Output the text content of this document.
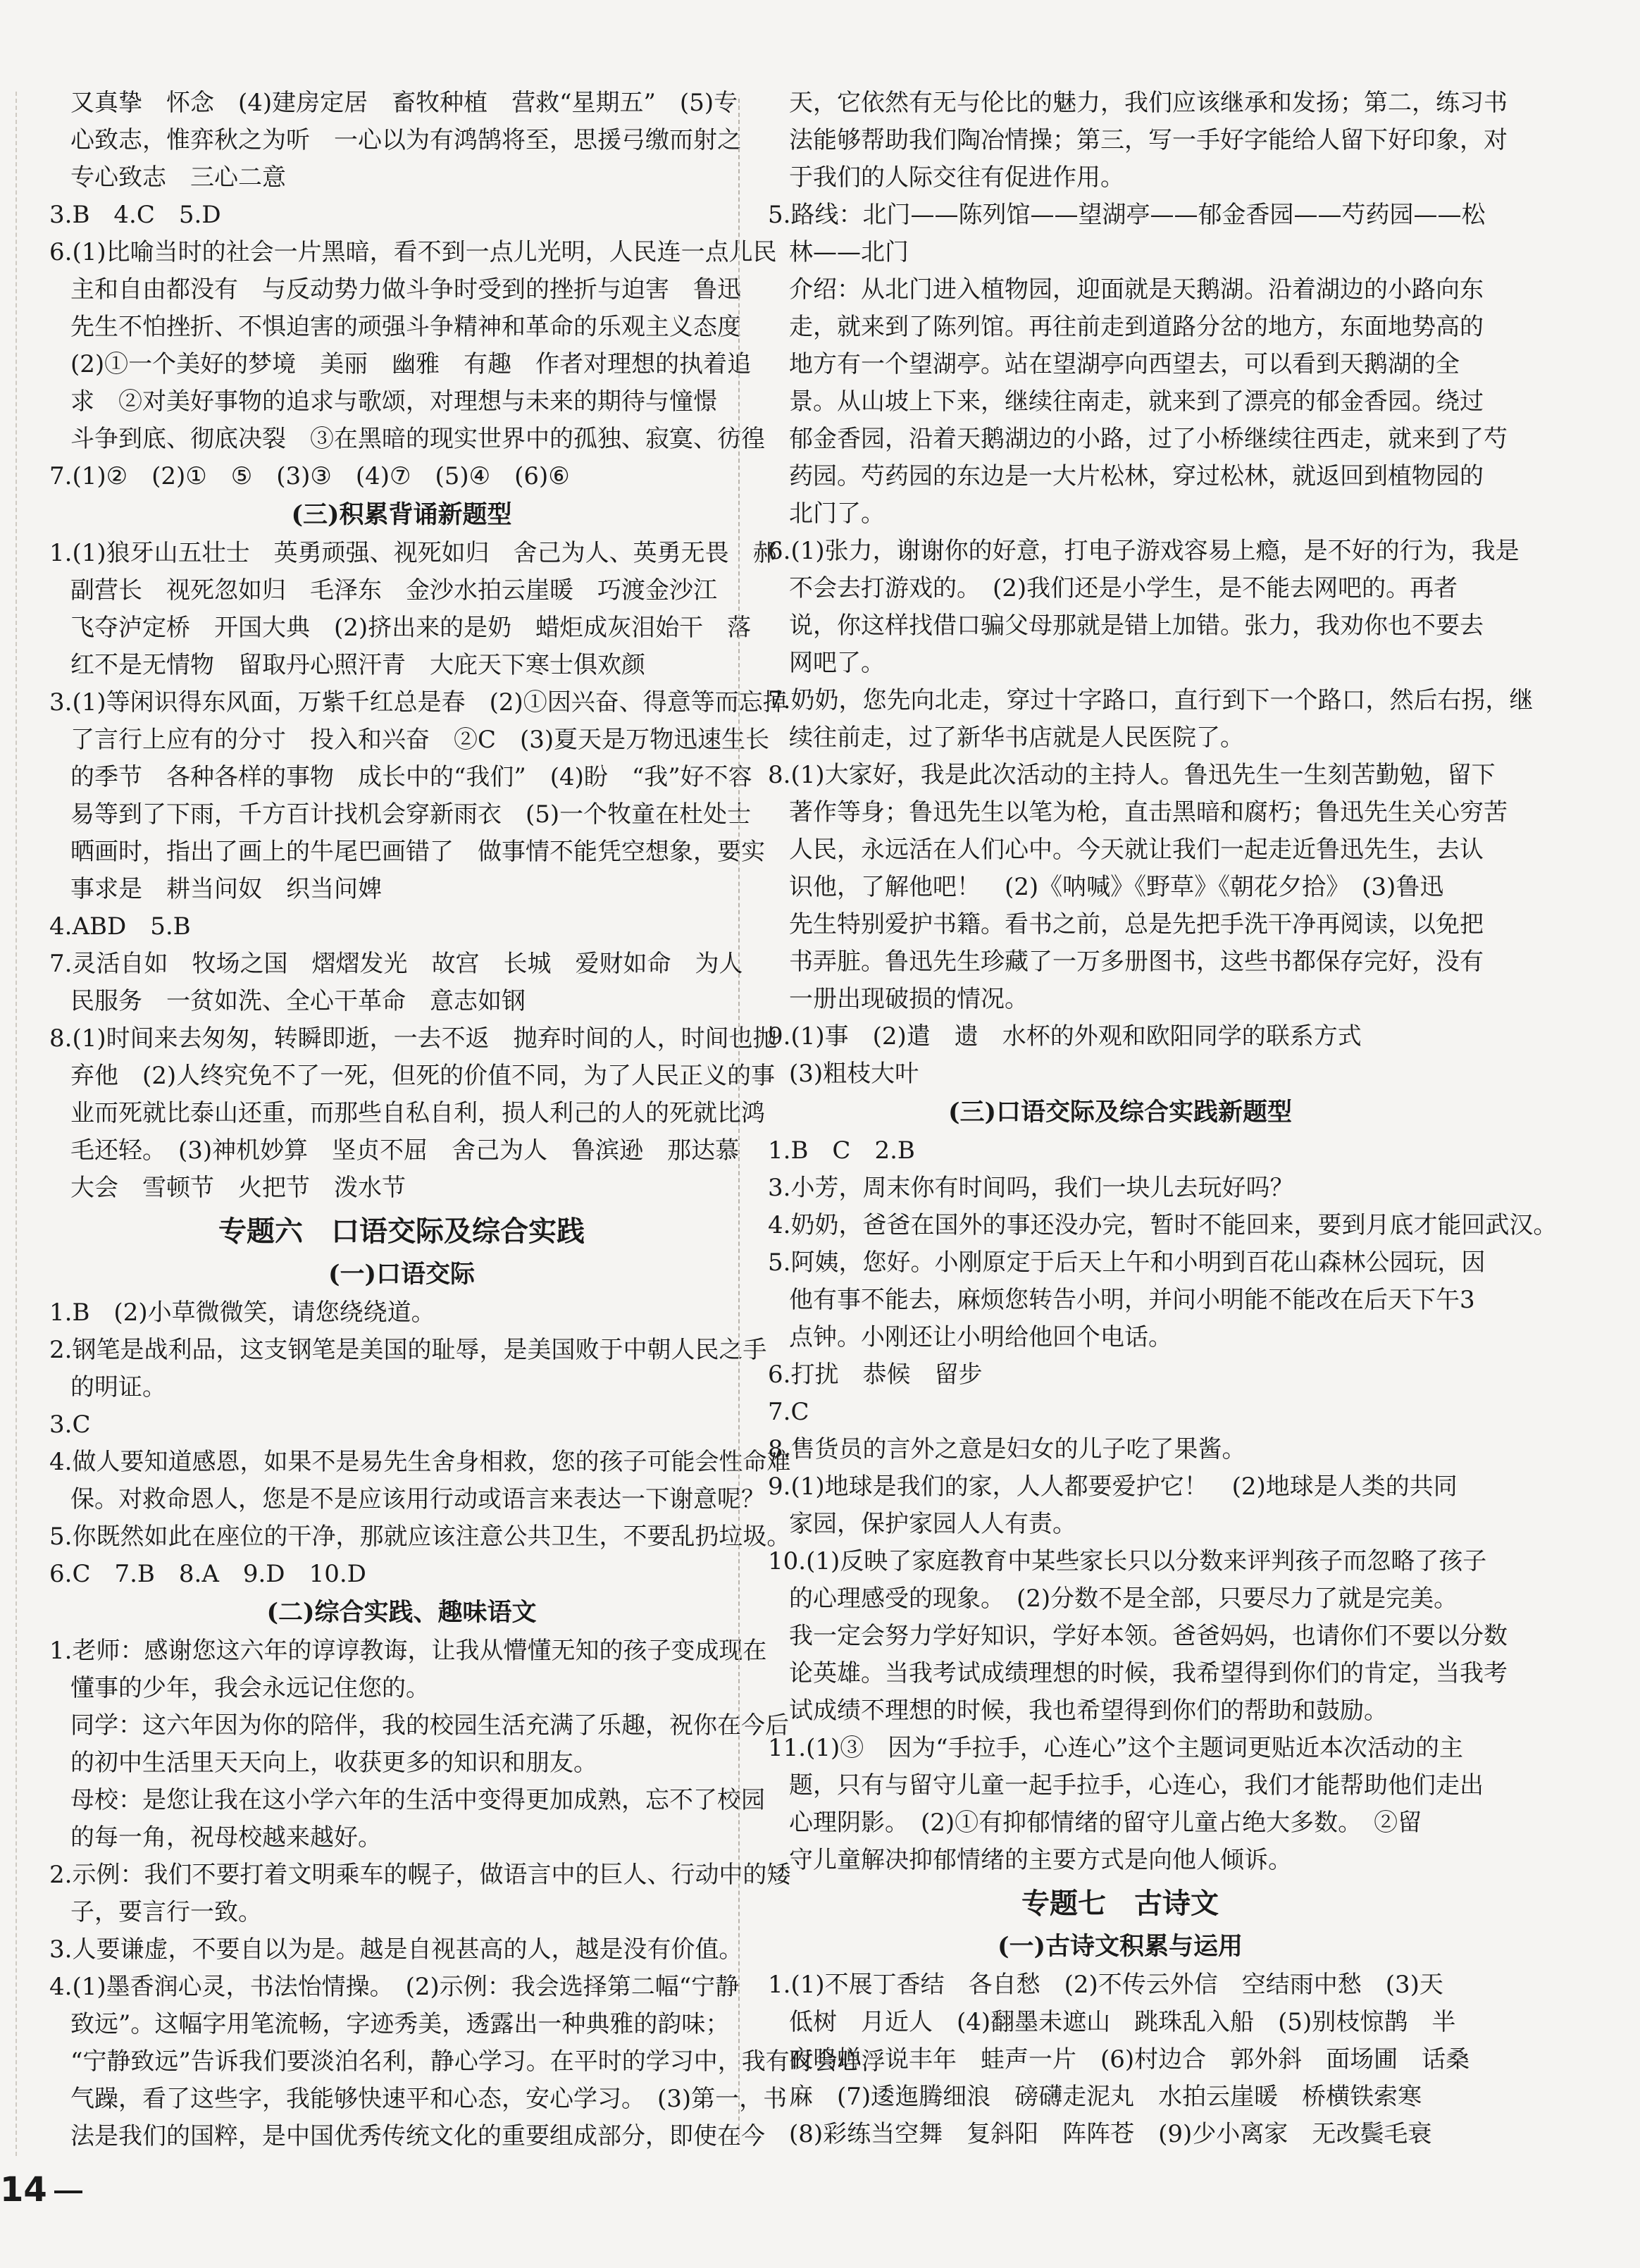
又真挚　怀念　(4)建房定居　畜牧种植　营救“星期五”　(5)专
心致志，惟弈秋之为听　一心以为有鸿鹄将至，思援弓缴而射之
专心致志　三心二意
3.B　4.C　5.D
6.(1)比喻当时的社会一片黑暗，看不到一点儿光明，人民连一点儿民
主和自由都没有　与反动势力做斗争时受到的挫折与迫害　鲁迅
先生不怕挫折、不惧迫害的顽强斗争精神和革命的乐观主义态度
(2)①一个美好的梦境　美丽　幽雅　有趣　作者对理想的执着追
求　②对美好事物的追求与歌颂，对理想与未来的期待与憧憬
斗争到底、彻底决裂　③在黑暗的现实世界中的孤独、寂寞、彷徨
7.(1)②　(2)①　⑤　(3)③　(4)⑦　(5)④　(6)⑥
(三)积累背诵新题型
1.(1)狼牙山五壮士　英勇顽强、视死如归　舍己为人、英勇无畏　郝
副营长　视死忽如归　毛泽东　金沙水拍云崖暖　巧渡金沙江
飞夺泸定桥　开国大典　(2)挤出来的是奶　蜡炬成灰泪始干　落
红不是无情物　留取丹心照汗青　大庇天下寒士俱欢颜
3.(1)等闲识得东风面，万紫千红总是春　(2)①因兴奋、得意等而忘掉
了言行上应有的分寸　投入和兴奋　②C　(3)夏天是万物迅速生长
的季节　各种各样的事物　成长中的“我们”　(4)盼　“我”好不容
易等到了下雨，千方百计找机会穿新雨衣　(5)一个牧童在杜处士
晒画时，指出了画上的牛尾巴画错了　做事情不能凭空想象，要实
事求是　耕当问奴　织当问婢
4.ABD　5.B
7.灵活自如　牧场之国　熠熠发光　故宫　长城　爱财如命　为人
民服务　一贫如洗、全心干革命　意志如钢
8.(1)时间来去匆匆，转瞬即逝，一去不返　抛弃时间的人，时间也抛
弃他　(2)人终究免不了一死，但死的价值不同，为了人民正义的事
业而死就比泰山还重，而那些自私自利，损人利己的人的死就比鸿
毛还轻。　(3)神机妙算　坚贞不屈　舍己为人　鲁滨逊　那达慕
大会　雪顿节　火把节　泼水节
专题六　口语交际及综合实践
(一)口语交际
1.B　(2)小草微微笑，请您绕绕道。
2.钢笔是战利品，这支钢笔是美国的耻辱，是美国败于中朝人民之手
的明证。
3.C
4.做人要知道感恩，如果不是易先生舍身相救，您的孩子可能会性命难
保。对救命恩人，您是不是应该用行动或语言来表达一下谢意呢？
5.你既然如此在座位的干净，那就应该注意公共卫生，不要乱扔垃圾。
6.C　7.B　8.A　9.D　10.D
(二)综合实践、趣味语文
1.老师：感谢您这六年的谆谆教诲，让我从懵懂无知的孩子变成现在
懂事的少年，我会永远记住您的。
同学：这六年因为你的陪伴，我的校园生活充满了乐趣，祝你在今后
的初中生活里天天向上，收获更多的知识和朋友。
母校：是您让我在这小学六年的生活中变得更加成熟，忘不了校园
的每一角，祝母校越来越好。
2.示例：我们不要打着文明乘车的幌子，做语言中的巨人、行动中的矮
子，要言行一致。
3.人要谦虚，不要自以为是。越是自视甚高的人，越是没有价值。
4.(1)墨香润心灵，书法怡情操。　(2)示例：我会选择第二幅“宁静
致远”。这幅字用笔流畅，字迹秀美，透露出一种典雅的韵味；
“宁静致远”告诉我们要淡泊名利，静心学习。在平时的学习中，我有时会心浮
气躁，看了这些字，我能够快速平和心态，安心学习。　(3)第一，书
法是我们的国粹，是中国优秀传统文化的重要组成部分，即使在今
天，它依然有无与伦比的魅力，我们应该继承和发扬；第二，练习书
法能够帮助我们陶冶情操；第三，写一手好字能给人留下好印象，对
于我们的人际交往有促进作用。
5.路线：北门——陈列馆——望湖亭——郁金香园——芍药园——松
林——北门
介绍：从北门进入植物园，迎面就是天鹅湖。沿着湖边的小路向东
走，就来到了陈列馆。再往前走到道路分岔的地方，东面地势高的
地方有一个望湖亭。站在望湖亭向西望去，可以看到天鹅湖的全
景。从山坡上下来，继续往南走，就来到了漂亮的郁金香园。绕过
郁金香园，沿着天鹅湖边的小路，过了小桥继续往西走，就来到了芍
药园。芍药园的东边是一大片松林，穿过松林，就返回到植物园的
北门了。
6.(1)张力，谢谢你的好意，打电子游戏容易上瘾，是不好的行为，我是
不会去打游戏的。　(2)我们还是小学生，是不能去网吧的。再者
说，你这样找借口骗父母那就是错上加错。张力，我劝你也不要去
网吧了。
7.奶奶，您先向北走，穿过十字路口，直行到下一个路口，然后右拐，继
续往前走，过了新华书店就是人民医院了。
8.(1)大家好，我是此次活动的主持人。鲁迅先生一生刻苦勤勉，留下
著作等身；鲁迅先生以笔为枪，直击黑暗和腐朽；鲁迅先生关心穷苦
人民，永远活在人们心中。今天就让我们一起走近鲁迅先生，去认
识他，了解他吧！　(2)《呐喊》《野草》《朝花夕拾》　(3)鲁迅
先生特别爱护书籍。看书之前，总是先把手洗干净再阅读，以免把
书弄脏。鲁迅先生珍藏了一万多册图书，这些书都保存完好，没有
一册出现破损的情况。
9.(1)事　(2)遣　遗　水杯的外观和欧阳同学的联系方式
(3)粗枝大叶
(三)口语交际及综合实践新题型
1.B　C　2.B
3.小芳，周末你有时间吗，我们一块儿去玩好吗？
4.奶奶，爸爸在国外的事还没办完，暂时不能回来，要到月底才能回武汉。
5.阿姨，您好。小刚原定于后天上午和小明到百花山森林公园玩，因
他有事不能去，麻烦您转告小明，并问小明能不能改在后天下午3
点钟。小刚还让小明给他回个电话。
6.打扰　恭候　留步
7.C
8.售货员的言外之意是妇女的儿子吃了果酱。
9.(1)地球是我们的家，人人都要爱护它！　(2)地球是人类的共同
家园，保护家园人人有责。
10.(1)反映了家庭教育中某些家长只以分数来评判孩子而忽略了孩子
的心理感受的现象。　(2)分数不是全部，只要尽力了就是完美。
我一定会努力学好知识，学好本领。爸爸妈妈，也请你们不要以分数
论英雄。当我考试成绩理想的时候，我希望得到你们的肯定，当我考
试成绩不理想的时候，我也希望得到你们的帮助和鼓励。
11.(1)③　因为“手拉手，心连心”这个主题词更贴近本次活动的主
题，只有与留守儿童一起手拉手，心连心，我们才能帮助他们走出
心理阴影。　(2)①有抑郁情绪的留守儿童占绝大多数。　②留
守儿童解决抑郁情绪的主要方式是向他人倾诉。
专题七　古诗文
(一)古诗文积累与运用
1.(1)不展丁香结　各自愁　(2)不传云外信　空结雨中愁　(3)天
低树　月近人　(4)翻墨未遮山　跳珠乱入船　(5)别枝惊鹊　半
夜鸣蝉　说丰年　蛙声一片　(6)村边合　郭外斜　面场圃　话桑
麻　(7)逶迤腾细浪　磅礴走泥丸　水拍云崖暖　桥横铁索寒
(8)彩练当空舞　复斜阳　阵阵苍　(9)少小离家　无改鬓毛衰
14
